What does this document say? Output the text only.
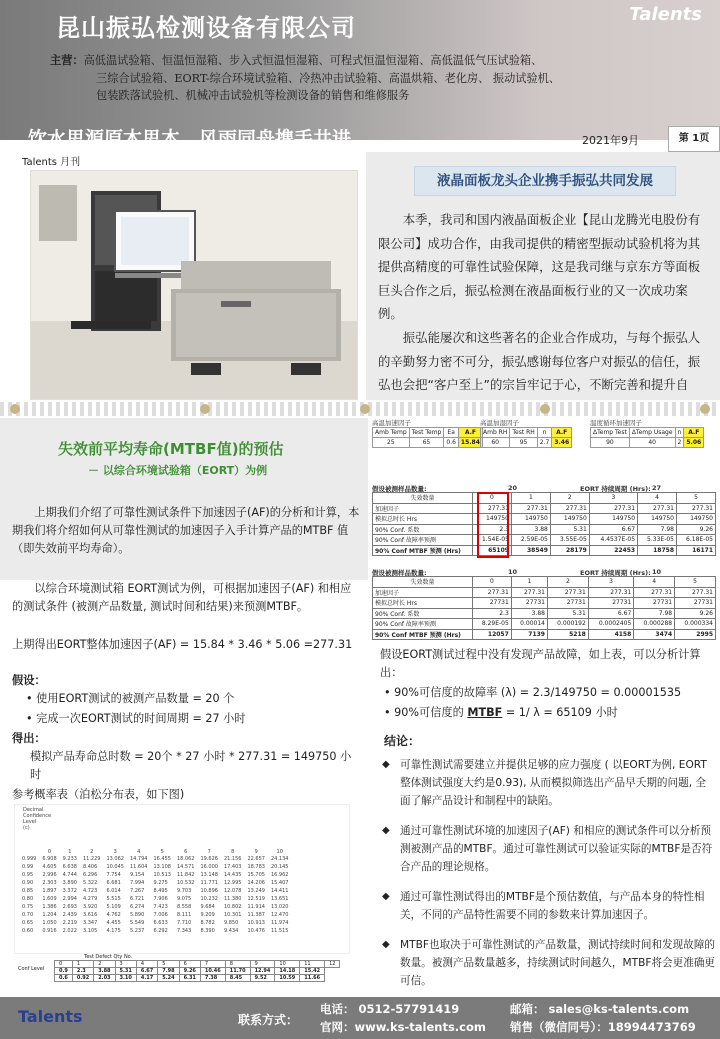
昆山振弘检测设备有限公司	Talents
主营：高低温试验箱、恒温恒湿箱、步入式恒温恒湿箱、可程式恒温恒湿箱、高低温低气压试验箱、
三综合试验箱、EORT-综合环境试验箱、冷热冲击试验箱、高温烘箱、老化房、 振动试验机、
包装跌落试验机、机械冲击试验机等检测设备的销售和维修服务
饮水思源原木思本，风雨同舟携手共进	2021年9月	第 1页
Talents 月刊
液晶面板龙头企业携手振弘共同发展

本季，我司和国内液晶面板企业【昆山龙腾光电股份有限公司】成功合作，由我司提供的精密型振动试验机将为其提供高精度的可靠性试验保障，这是我司继与京东方等面板巨头合作之后，振弘检测在液晶面板行业的又一次成功案例。

振弘能屡次和这些著名的企业合作成功，与每个振弘人的辛勤努力密不可分，振弘感谢每位客户对振弘的信任，振弘也会把“客户至上”的宗旨牢记于心，不断完善和提升自

失效前平均寿命(MTBF值)的预估
－ 以综合环境试验箱（EORT）为例
上期我们介绍了可靠性测试条件下加速因子(AF)的分析和计算，本期我们将介绍如何从可靠性测试的加速因子入手计算产品的MTBF 值（即失效前平均寿命）。
以综合环境测试箱 EORT测试为例，可根据加速因子(AF) 和相应的测试条件 (被测产品数量, 测试时间和结果)来预测MTBF。
上期得出EORT整体加速因子(AF) = 15.84 * 3.46 * 5.06 =277.31
假设：
• 使用EORT测试的被测产品数量 = 20 个
• 完成一次EORT测试的时间周期 = 27 小时
得出：
模拟产品寿命总时数 = 20个 * 27 小时 * 277.31 = 149750 小时
参考概率表（泊松分布表，如下图)
高温加速因子	高温加湿因子	温度循环加速因子
Amb Temp	Test Temp	Ea	A.F
25	65	0.6	15.84
Amb RH	Test RH	n	A.F
60	95	2.7	3.46
ΔTemp Test	ΔTemp Usage	n	A.F
90	40	2	5.06
假设被测样品数量:	20	EORT 持续周期 (Hrs): 27
失效数量	0	1	2	3	4	5
加速因子	277.31	277.31	277.31	277.31	277.31	277.31
模拟总时长 Hrs	149750	149750	149750	149750	149750	149750
90% Conf. 系数	2.3	3.88	5.31	6.67	7.98	9.26
90% Conf 故障率预测	1.54E-05	2.59E-05	3.55E-05	4.4537E-05	5.33E-05	6.18E-05
90% Conf MTBF 预测 (Hrs)	65109	38549	28179	22453	18758	16171
假设被测样品数量:	10	EORT 持续周期 (Hrs): 10
失效数量	0	1	2	3	4	5
加速因子	277.31	277.31	277.31	277.31	277.31	277.31
模拟总时长 Hrs	27731	27731	27731	27731	27731	27731
90% Conf. 系数	2.3	3.88	5.31	6.67	7.98	9.26
90% Conf 故障率预测	8.29E-05	0.00014	0.000192	0.0002405	0.000288	0.000334
90% Conf MTBF 预测 (Hrs)	12057	7139	5218	4158	3474	2995
假设EORT测试过程中没有发现产品故障，如上表，可以分析计算出：
• 90%可信度的故障率 (λ) = 2.3/149750 = 0.00001535
• 90%可信度的 MTBF = 1/ λ = 65109 小时
结论：
◆ 可靠性测试需要建立并提供足够的应力强度 ( 以EORT为例, EORT整体测试强度大约是0.93), 从而模拟筛选出产品早夭期的问题, 全面了解产品设计和制程中的缺陷。
◆ 通过可靠性测试环境的加速因子(AF) 和相应的测试条件可以分析预测被测产品的MTBF。通过可靠性测试可以验证实际的MTBF是否符合产品的理论规格。
◆ 通过可靠性测试得出的MTBF是个预估数值，与产品本身的特性相关，不同的产品特性需要不同的参数来计算加速因子。
◆ MTBF也取决于可靠性测试的产品数量，测试持续时间和发现故障的数量。被测产品数量越多，持续测试时间越久，MTBF将会更准确更可信。
Decimal
Confidence
Level
(c)
	0	1	2	3	4	5	6	7	8	9	10
0.999	6.908	9.233	11.229	13.062	14.794	16.455	18.062	19.626	21.156	22.657	24.134
0.99	4.605	6.638	8.406	10.045	11.604	13.108	14.571	16.000	17.403	18.783	20.145
0.95	2.996	4.744	6.296	7.754	9.154	10.513	11.842	13.148	14.435	15.705	16.962
0.90	2.303	3.890	5.322	6.681	7.994	9.275	10.532	11.771	12.995	14.206	15.407
0.85	1.897	3.372	4.723	6.014	7.267	8.495	9.703	10.896	12.078	13.249	14.411
0.80	1.609	2.994	4.279	5.515	6.721	7.906	9.075	10.232	11.380	12.519	13.651
0.75	1.386	2.693	3.920	5.109	6.274	7.423	8.558	9.684	10.802	11.914	13.020
0.70	1.204	2.439	3.616	4.762	5.890	7.006	8.111	9.209	10.301	11.387	12.470
0.65	1.050	2.219	3.347	4.455	5.549	6.633	7.710	8.782	9.850	10.913	11.974
0.60	0.916	2.022	3.105	4.175	5.237	6.292	7.343	8.390	9.434	10.476	11.515
Test Defect Qty No.
Conf Level
0	1	2	3	4	5	6	7	8	9	10	11	12
0.9	2.3	3.88	5.31	6.67	7.98	9.26	10.46	11.70	12.94	14.18	15.42	
0.6	0.92	2.03	3.10	4.17	5.24	6.31	7.38	8.45	9.52	10.59	11.66	
Talents	联系方式：
电话： 0512-57791419
官网：www.ks-talents.com
邮箱： sales@ks-talents.com
销售（微信同号）：18994473769
